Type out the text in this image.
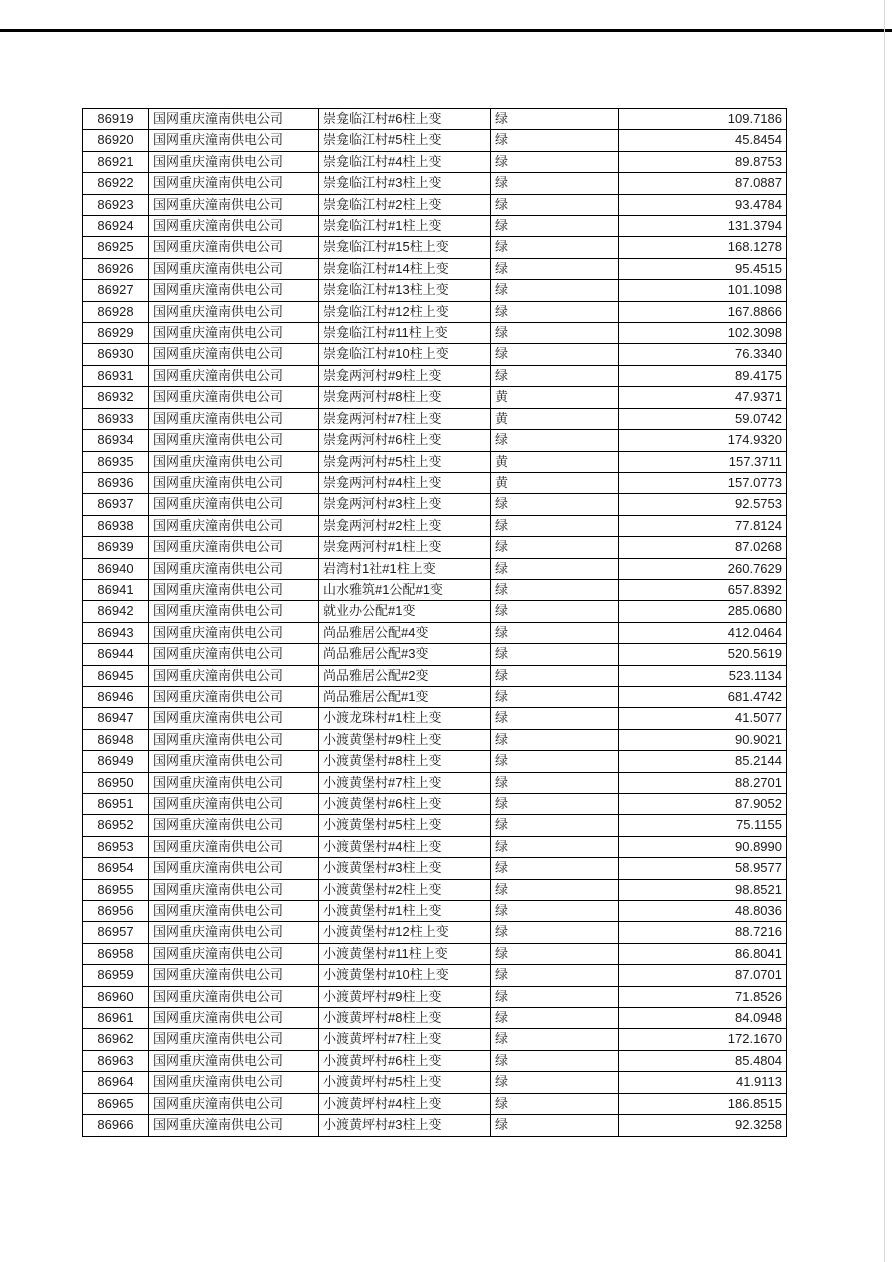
86919	国网重庆潼南供电公司	崇龛临江村#6柱上变	绿	109.7186
86920	国网重庆潼南供电公司	崇龛临江村#5柱上变	绿	45.8454
86921	国网重庆潼南供电公司	崇龛临江村#4柱上变	绿	89.8753
86922	国网重庆潼南供电公司	崇龛临江村#3柱上变	绿	87.0887
86923	国网重庆潼南供电公司	崇龛临江村#2柱上变	绿	93.4784
86924	国网重庆潼南供电公司	崇龛临江村#1柱上变	绿	131.3794
86925	国网重庆潼南供电公司	崇龛临江村#15柱上变	绿	168.1278
86926	国网重庆潼南供电公司	崇龛临江村#14柱上变	绿	95.4515
86927	国网重庆潼南供电公司	崇龛临江村#13柱上变	绿	101.1098
86928	国网重庆潼南供电公司	崇龛临江村#12柱上变	绿	167.8866
86929	国网重庆潼南供电公司	崇龛临江村#11柱上变	绿	102.3098
86930	国网重庆潼南供电公司	崇龛临江村#10柱上变	绿	76.3340
86931	国网重庆潼南供电公司	崇龛两河村#9柱上变	绿	89.4175
86932	国网重庆潼南供电公司	崇龛两河村#8柱上变	黄	47.9371
86933	国网重庆潼南供电公司	崇龛两河村#7柱上变	黄	59.0742
86934	国网重庆潼南供电公司	崇龛两河村#6柱上变	绿	174.9320
86935	国网重庆潼南供电公司	崇龛两河村#5柱上变	黄	157.3711
86936	国网重庆潼南供电公司	崇龛两河村#4柱上变	黄	157.0773
86937	国网重庆潼南供电公司	崇龛两河村#3柱上变	绿	92.5753
86938	国网重庆潼南供电公司	崇龛两河村#2柱上变	绿	77.8124
86939	国网重庆潼南供电公司	崇龛两河村#1柱上变	绿	87.0268
86940	国网重庆潼南供电公司	岩湾村1社#1柱上变	绿	260.7629
86941	国网重庆潼南供电公司	山水雅筑#1公配#1变	绿	657.8392
86942	国网重庆潼南供电公司	就业办公配#1变	绿	285.0680
86943	国网重庆潼南供电公司	尚品雅居公配#4变	绿	412.0464
86944	国网重庆潼南供电公司	尚品雅居公配#3变	绿	520.5619
86945	国网重庆潼南供电公司	尚品雅居公配#2变	绿	523.1134
86946	国网重庆潼南供电公司	尚品雅居公配#1变	绿	681.4742
86947	国网重庆潼南供电公司	小渡龙珠村#1柱上变	绿	41.5077
86948	国网重庆潼南供电公司	小渡黄堡村#9柱上变	绿	90.9021
86949	国网重庆潼南供电公司	小渡黄堡村#8柱上变	绿	85.2144
86950	国网重庆潼南供电公司	小渡黄堡村#7柱上变	绿	88.2701
86951	国网重庆潼南供电公司	小渡黄堡村#6柱上变	绿	87.9052
86952	国网重庆潼南供电公司	小渡黄堡村#5柱上变	绿	75.1155
86953	国网重庆潼南供电公司	小渡黄堡村#4柱上变	绿	90.8990
86954	国网重庆潼南供电公司	小渡黄堡村#3柱上变	绿	58.9577
86955	国网重庆潼南供电公司	小渡黄堡村#2柱上变	绿	98.8521
86956	国网重庆潼南供电公司	小渡黄堡村#1柱上变	绿	48.8036
86957	国网重庆潼南供电公司	小渡黄堡村#12柱上变	绿	88.7216
86958	国网重庆潼南供电公司	小渡黄堡村#11柱上变	绿	86.8041
86959	国网重庆潼南供电公司	小渡黄堡村#10柱上变	绿	87.0701
86960	国网重庆潼南供电公司	小渡黄坪村#9柱上变	绿	71.8526
86961	国网重庆潼南供电公司	小渡黄坪村#8柱上变	绿	84.0948
86962	国网重庆潼南供电公司	小渡黄坪村#7柱上变	绿	172.1670
86963	国网重庆潼南供电公司	小渡黄坪村#6柱上变	绿	85.4804
86964	国网重庆潼南供电公司	小渡黄坪村#5柱上变	绿	41.9113
86965	国网重庆潼南供电公司	小渡黄坪村#4柱上变	绿	186.8515
86966	国网重庆潼南供电公司	小渡黄坪村#3柱上变	绿	92.3258
